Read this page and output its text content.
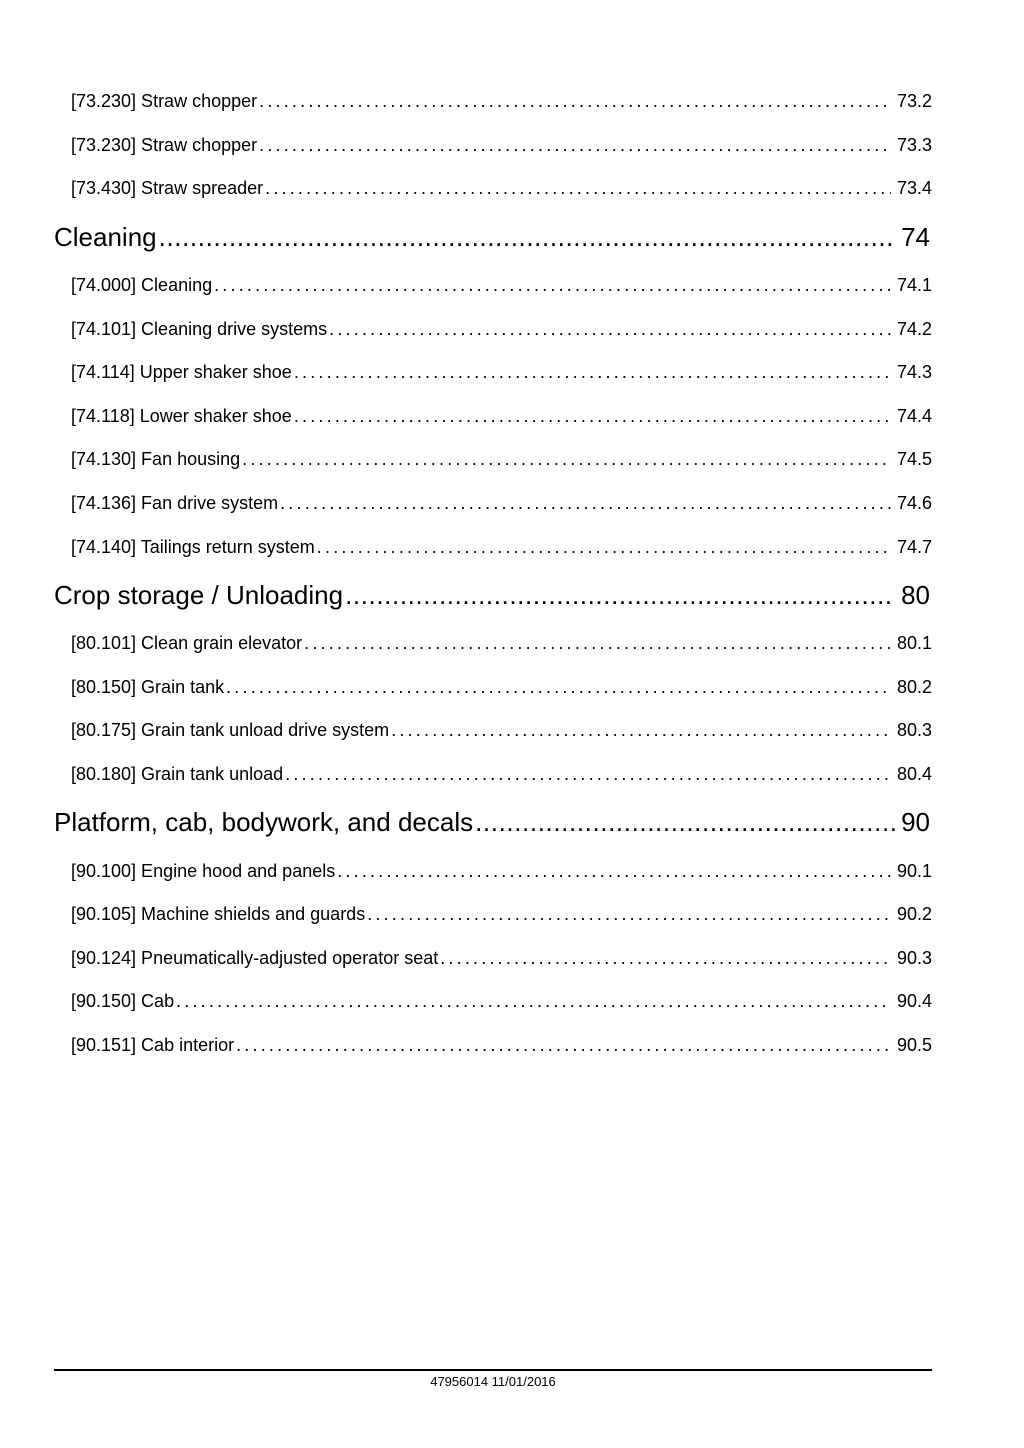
[73.230] Straw chopper . . .	73.2
[73.230] Straw chopper . . .	73.3
[73.430] Straw spreader . . .	73.4
Cleaning .....	74
[74.000] Cleaning . . .	74.1
[74.101] Cleaning drive systems . . .	74.2
[74.114] Upper shaker shoe . . .	74.3
[74.118] Lower shaker shoe . . .	74.4
[74.130] Fan housing . . .	74.5
[74.136] Fan drive system . . .	74.6
[74.140] Tailings return system . . .	74.7
Crop storage / Unloading .....	80
[80.101] Clean grain elevator . . .	80.1
[80.150] Grain tank . . .	80.2
[80.175] Grain tank unload drive system . . .	80.3
[80.180] Grain tank unload . . .	80.4
Platform, cab, bodywork, and decals .....	90
[90.100] Engine hood and panels . . .	90.1
[90.105] Machine shields and guards . . .	90.2
[90.124] Pneumatically-adjusted operator seat . . .	90.3
[90.150] Cab . . .	90.4
[90.151] Cab interior . . .	90.5
47956014 11/01/2016
